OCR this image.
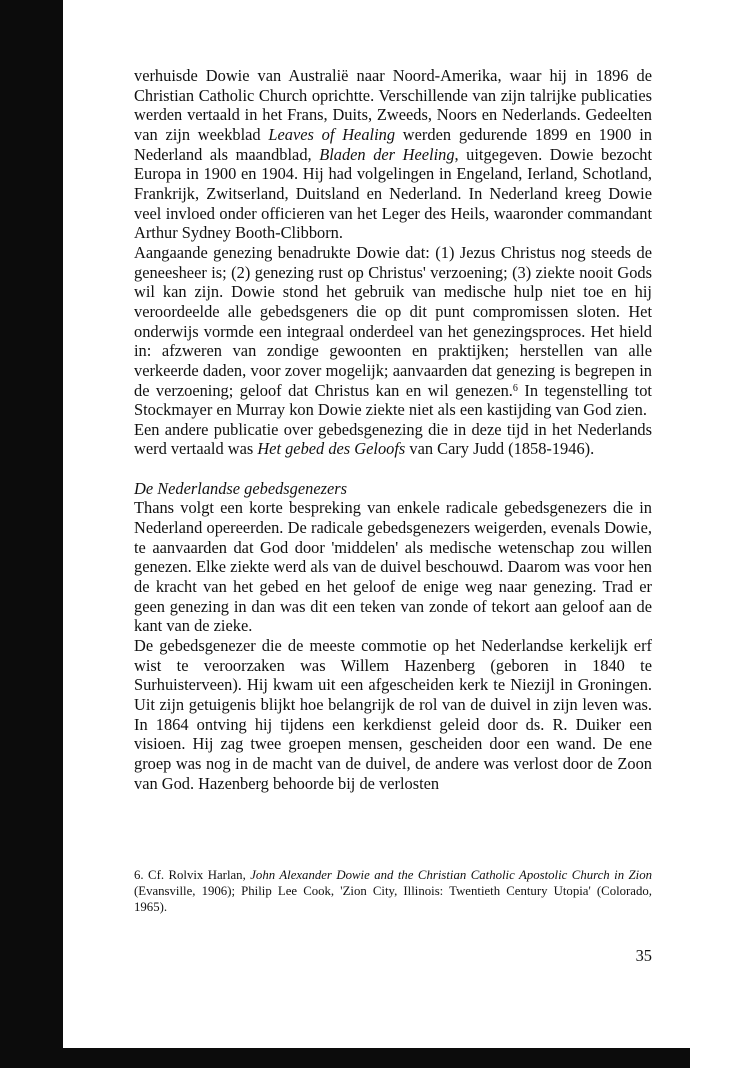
verhuisde Dowie van Australië naar Noord-Amerika, waar hij in 1896 de Christian Catholic Church oprichtte. Verschillende van zijn talrijke publicaties werden vertaald in het Frans, Duits, Zweeds, Noors en Nederlands. Gedeelten van zijn weekblad Leaves of Healing werden gedurende 1899 en 1900 in Nederland als maandblad, Bladen der Heeling, uitgegeven. Dowie bezocht Europa in 1900 en 1904. Hij had volgelingen in Engeland, Ierland, Schotland, Frankrijk, Zwitserland, Duitsland en Nederland. In Nederland kreeg Dowie veel invloed onder officieren van het Leger des Heils, waaronder commandant Arthur Sydney Booth-Clibborn.

Aangaande genezing benadrukte Dowie dat: (1) Jezus Christus nog steeds de geneesheer is; (2) genezing rust op Christus' verzoening; (3) ziekte nooit Gods wil kan zijn. Dowie stond het gebruik van medische hulp niet toe en hij veroordeelde alle gebedsgeners die op dit punt compromissen sloten. Het onderwijs vormde een integraal onderdeel van het genezingsproces. Het hield in: afzweren van zondige gewoonten en praktijken; herstellen van alle verkeerde daden, voor zover mogelijk; aanvaarden dat genezing is begrepen in de verzoening; geloof dat Christus kan en wil genezen.$^6$ In tegenstelling tot Stockmayer en Murray kon Dowie ziekte niet als een kastijding van God zien.

Een andere publicatie over gebedsgenezing die in deze tijd in het Nederlands werd vertaald was Het gebed des Geloofs van Cary Judd (1858-1946).

De Nederlandse gebedsgenezers

Thans volgt een korte bespreking van enkele radicale gebedsgenezers die in Nederland opereerden. De radicale gebedsgenezers weigerden, evenals Dowie, te aanvaarden dat God door 'middelen' als medische wetenschap zou willen genezen. Elke ziekte werd als van de duivel beschouwd. Daarom was voor hen de kracht van het gebed en het geloof de enige weg naar genezing. Trad er geen genezing in dan was dit een teken van zonde of tekort aan geloof aan de kant van de zieke.

De gebedsgenezer die de meeste commotie op het Nederlandse kerkelijk erf wist te veroorzaken was Willem Hazenberg (geboren in 1840 te Surhuisterveen). Hij kwam uit een afgescheiden kerk te Niezijl in Groningen. Uit zijn getuigenis blijkt hoe belangrijk de rol van de duivel in zijn leven was. In 1864 ontving hij tijdens een kerkdienst geleid door ds. R. Duiker een visioen. Hij zag twee groepen mensen, gescheiden door een wand. De ene groep was nog in de macht van de duivel, de andere was verlost door de Zoon van God. Hazenberg behoorde bij de verlosten

6. Cf. Rolvix Harlan, John Alexander Dowie and the Christian Catholic Apostolic Church in Zion (Evansville, 1906); Philip Lee Cook, 'Zion City, Illinois: Twentieth Century Utopia' (Colorado, 1965).

35
